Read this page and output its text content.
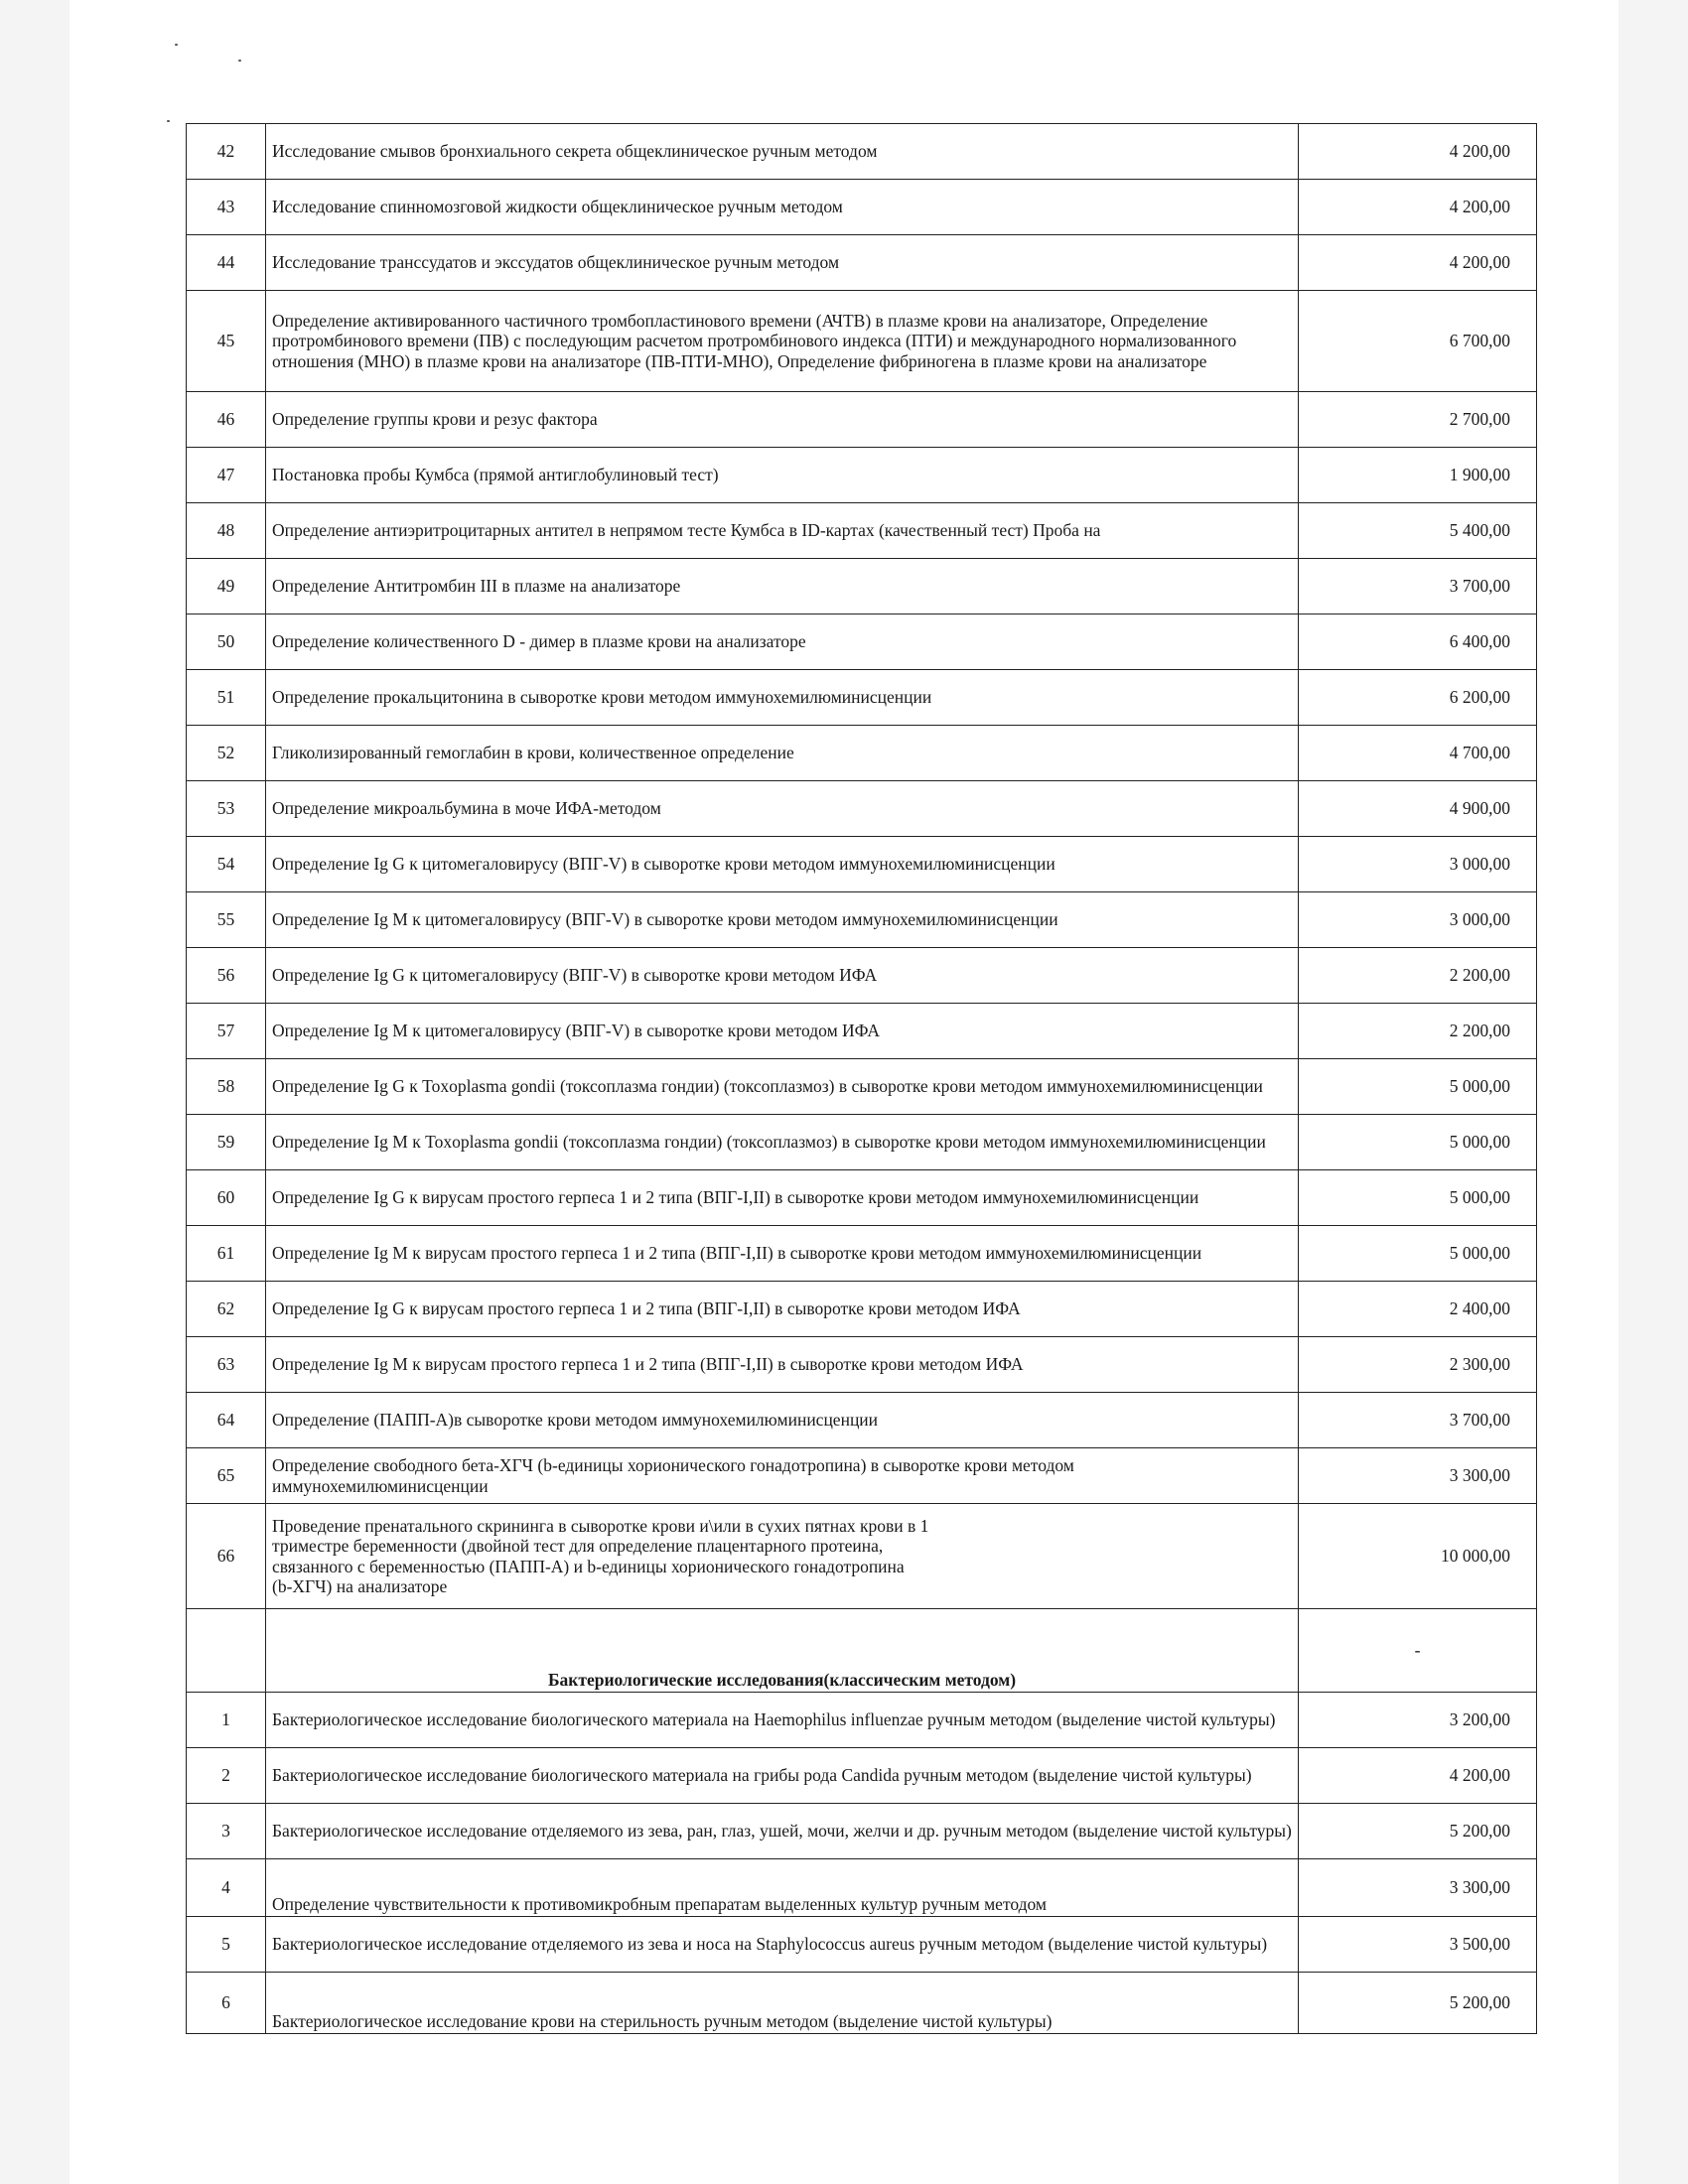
42	Исследование смывов бронхиального секрета общеклиническое ручным методом	4 200,00
43	Исследование спинномозговой жидкости общеклиническое ручным методом	4 200,00
44	Исследование транссудатов и экссудатов общеклиническое ручным методом	4 200,00
45	Определение активированного частичного тромбопластинового времени (АЧТВ) в плазме крови на анализаторе, Определение протромбинового времени (ПВ) с последующим расчетом протромбинового индекса (ПТИ) и международного нормализованного отношения (МНО) в плазме крови на анализаторе (ПВ-ПТИ-МНО), Определение фибриногена в плазме крови на анализаторе	6 700,00
46	Определение группы крови и резус фактора	2 700,00
47	Постановка пробы Кумбса (прямой антиглобулиновый тест)	1 900,00
48	Определение антиэритроцитарных антител в непрямом тесте Кумбса в ID-картах (качественный тест) Проба на	5 400,00
49	Определение Антитромбин III в плазме на анализаторе	3 700,00
50	Определение количественного D - димер в плазме крови на анализаторе	6 400,00
51	Определение прокальцитонина в сыворотке крови методом иммунохемилюминисценции	6 200,00
52	Гликолизированный гемоглабин в крови, количественное определение	4 700,00
53	Определение микроальбумина в моче ИФА-методом	4 900,00
54	Определение Ig G к цитомегаловирусу (ВПГ-V) в сыворотке крови методом иммунохемилюминисценции	3 000,00
55	Определение Ig M к цитомегаловирусу (ВПГ-V) в сыворотке крови методом иммунохемилюминисценции	3 000,00
56	Определение Ig G к цитомегаловирусу (ВПГ-V) в сыворотке крови методом ИФА	2 200,00
57	Определение Ig M к цитомегаловирусу (ВПГ-V) в сыворотке крови методом ИФА	2 200,00
58	Определение Ig G к Toxoplasma gondii (токсоплазма гондии) (токсоплазмоз) в сыворотке крови методом иммунохемилюминисценции	5 000,00
59	Определение Ig M к Toxoplasma gondii (токсоплазма гондии) (токсоплазмоз) в сыворотке крови методом иммунохемилюминисценции	5 000,00
60	Определение Ig G к вирусам простого герпеса 1 и 2 типа (ВПГ-I,II) в сыворотке крови методом иммунохемилюминисценции	5 000,00
61	Определение Ig M к вирусам простого герпеса 1 и 2 типа (ВПГ-I,II) в сыворотке крови методом иммунохемилюминисценции	5 000,00
62	Определение Ig G к вирусам простого герпеса 1 и 2 типа (ВПГ-I,II) в сыворотке крови методом ИФА	2 400,00
63	Определение Ig M к вирусам простого герпеса 1 и 2 типа (ВПГ-I,II) в сыворотке крови методом ИФА	2 300,00
64	Определение (ПАПП-А)в сыворотке крови методом иммунохемилюминисценции	3 700,00
65	Определение свободного бета-ХГЧ (b-единицы хорионического гонадотропина) в сыворотке крови методом иммунохемилюминисценции	3 300,00
66	Проведение пренатального скрининга в сыворотке крови и\или в сухих пятнах крови в 1
триместре беременности (двойной тест для определение плацентарного протеина,
связанного с беременностью (ПАПП-А) и b-единицы хорионического гонадотропина
(b-ХГЧ) на анализаторе	10 000,00
	Бактериологические исследования(классическим методом)	-
1	Бактериологическое исследование биологического материала на Haemophilus influenzae ручным методом (выделение чистой культуры)	3 200,00
2	Бактериологическое исследование биологического материала на грибы рода Candida ручным методом (выделение чистой культуры)	4 200,00
3	Бактериологическое исследование отделяемого из зева, ран, глаз, ушей, мочи, желчи и др. ручным методом (выделение чистой культуры)	5 200,00
4	Определение чувствительности к противомикробным препаратам выделенных культур ручным методом	3 300,00
5	Бактериологическое исследование отделяемого из зева и носа на Staphylococcus aureus ручным методом (выделение чистой культуры)	3 500,00
6	Бактериологическое исследование крови на стерильность ручным методом (выделение чистой культуры)	5 200,00
